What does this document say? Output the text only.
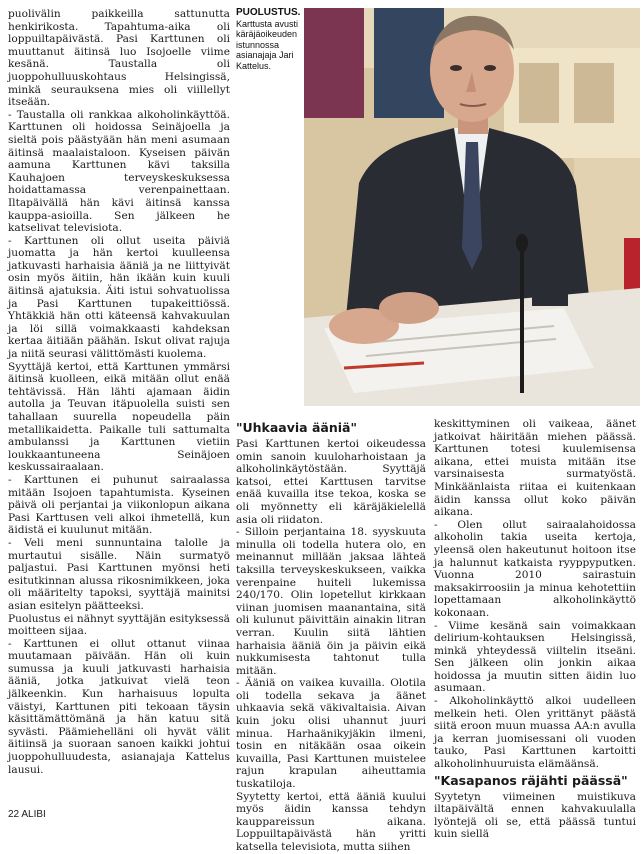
puolivälin paikkeilla sattunutta henkirikosta. Tapahtuma-aika oli loppuiltapäivästä. Pasi Karttunen oli muuttanut äitinsä luo Isojoelle viime kesänä. Taustalla oli juoppohulluuskohtaus Helsingissä, minkä seurauksena mies oli viillellyt itseään.

- Taustalla oli rankkaa alkoholinkäyttöä. Karttunen oli hoidossa Seinäjoella ja sieltä pois päästyään hän meni asumaan äitinsä maalaistaloon. Kyseisen päivän aamuna Karttunen kävi taksilla Kauhajoen terveyskeskuksessa hoidattamassa verenpainettaan. Iltapäivällä hän kävi äitinsä kanssa kauppa-asioilla. Sen jälkeen he katselivat televisiota.

- Karttunen oli ollut useita päiviä juomatta ja hän kertoi kuulleensa jatkuvasti harhaisia ääniä ja ne liittyivät osin myös äitiin, hän ikään kuin kuuli äitinsä ajatuksia. Äiti istui sohvatuolissa ja Pasi Karttunen tupakeittiössä. Yhtäkkiä hän otti käteensä kahvakuulan ja löi sillä voimakkaasti kahdeksan kertaa äitiään päähän. Iskut olivat rajuja ja niitä seurasi välittömästi kuolema.

Syyttäjä kertoi, että Karttunen ymmärsi äitinsä kuolleen, eikä mitään ollut enää tehtävissä. Hän lähti ajamaan äidin autolla ja Teuvan itäpuolella suisti sen tahallaan suurella nopeudella päin metallikaidetta. Paikalle tuli sattumalta ambulanssi ja Karttunen vietiin loukkaantuneena Seinäjoen keskussairaalaan.

- Karttunen ei puhunut sairaalassa mitään Isojoen tapahtumista. Kyseinen päivä oli perjantai ja viikonlopun aikana Pasi Karttusen veli alkoi ihmetellä, kun äidistä ei kuulunut mitään.

- Veli meni sunnuntaina talolle ja murtautui sisälle. Näin surmatyö paljastui. Pasi Karttunen myönsi heti esitutkinnan alussa rikosnimikkeen, joka oli määritelty tapoksi, syyttäjä mainitsi asian esitelyn päätteeksi.

Puolustus ei nähnyt syyttäjän esityksessä moitteen sijaa.

- Karttunen ei ollut ottanut viinaa muutamaan päivään. Hän oli kuin sumussa ja kuuli jatkuvasti harhaisia ääniä, jotka jatkuivat vielä teon jälkeenkin. Kun harhaisuus lopulta väistyi, Karttunen piti tekoaan täysin käsittämättömänä ja hän katuu sitä syvästi. Päämiehelläni oli hyvät välit äitiinsä ja suoraan sanoen kaikki johtui juoppohulluudesta, asianajaja Kattelus lausui.

PUOLUSTUS.
Karttusta avusti käräjäoikeuden istunnossa asianajaja Jari Kattelus.
"Uhkaavia ääniä"

Pasi Karttunen kertoi oikeudessa omin sanoin kuuloharhoistaan ja alkoholinkäytöstään. Syyttäjä katsoi, ettei Karttusen tarvitse enää kuvailla itse tekoa, koska se oli myönnetty eli käräjäkielellä asia oli riidaton.

- Silloin perjantaina 18. syyskuuta minulla oli todella hutera olo, en meinannut millään jaksaa lähteä taksilla terveyskeskukseen, vaikka verenpaine huiteli lukemissa 240/170. Olin lopetellut kirkkaan viinan juomisen maanantaina, sitä oli kulunut päivittäin ainakin litran verran. Kuulin siitä lähtien harhaisia ääniä öin ja päivin eikä nukkumisesta tahtonut tulla mitään.

- Ääniä on vaikea kuvailla. Olotila oli todella sekava ja äänet uhkaavia sekä väkivaltaisia. Aivan kuin joku olisi uhannut juuri minua. Harhaänikyjäkin ilmeni, tosin en nitäkään osaa oikein kuvailla, Pasi Karttunen muistelee rajun krapulan aiheuttamia tuskatiloja.

Syytetty kertoi, että ääniä kuului myös äidin kanssa tehdyn kauppareissun aikana. Loppuiltapäivästä hän yritti katsella televisiota, mutta siihen

keskittyminen oli vaikeaa, äänet jatkoivat häiritään miehen päässä. Karttunen totesi kuulemisensa aikana, ettei muista mitään itse varsinaisesta surmatyöstä. Minkäänlaista riitaa ei kuitenkaan äidin kanssa ollut koko päivän aikana.

- Olen ollut sairaalahoidossa alkoholin takia useita kertoja, yleensä olen hakeutunut hoitoon itse ja halunnut katkaista ryyppyputken. Vuonna 2010 sairastuin maksakirroosiin ja minua kehotettiin lopettamaan alkoholinkäyttö kokonaan.

- Viime kesänä sain voimakkaan delirium-kohtauksen Helsingissä, minkä yhteydessä viiltelin itseäni. Sen jälkeen olin jonkin aikaa hoidossa ja muutin sitten äidin luo asumaan.

- Alkoholinkäyttö alkoi uudelleen melkein heti. Olen yrittänyt päästä siitä eroon muun muassa AA:n avulla ja kerran juomisessani oli vuoden tauko, Pasi Karttunen kartoitti alkoholinhuuruista elämäänsä.

"Kasapanos räjähti päässä"

Syytetyn viimeinen muistikuva iltapäivältä ennen kahvakuulalla lyöntejä oli se, että päässä tuntui kuin siellä

22 ALIBI
